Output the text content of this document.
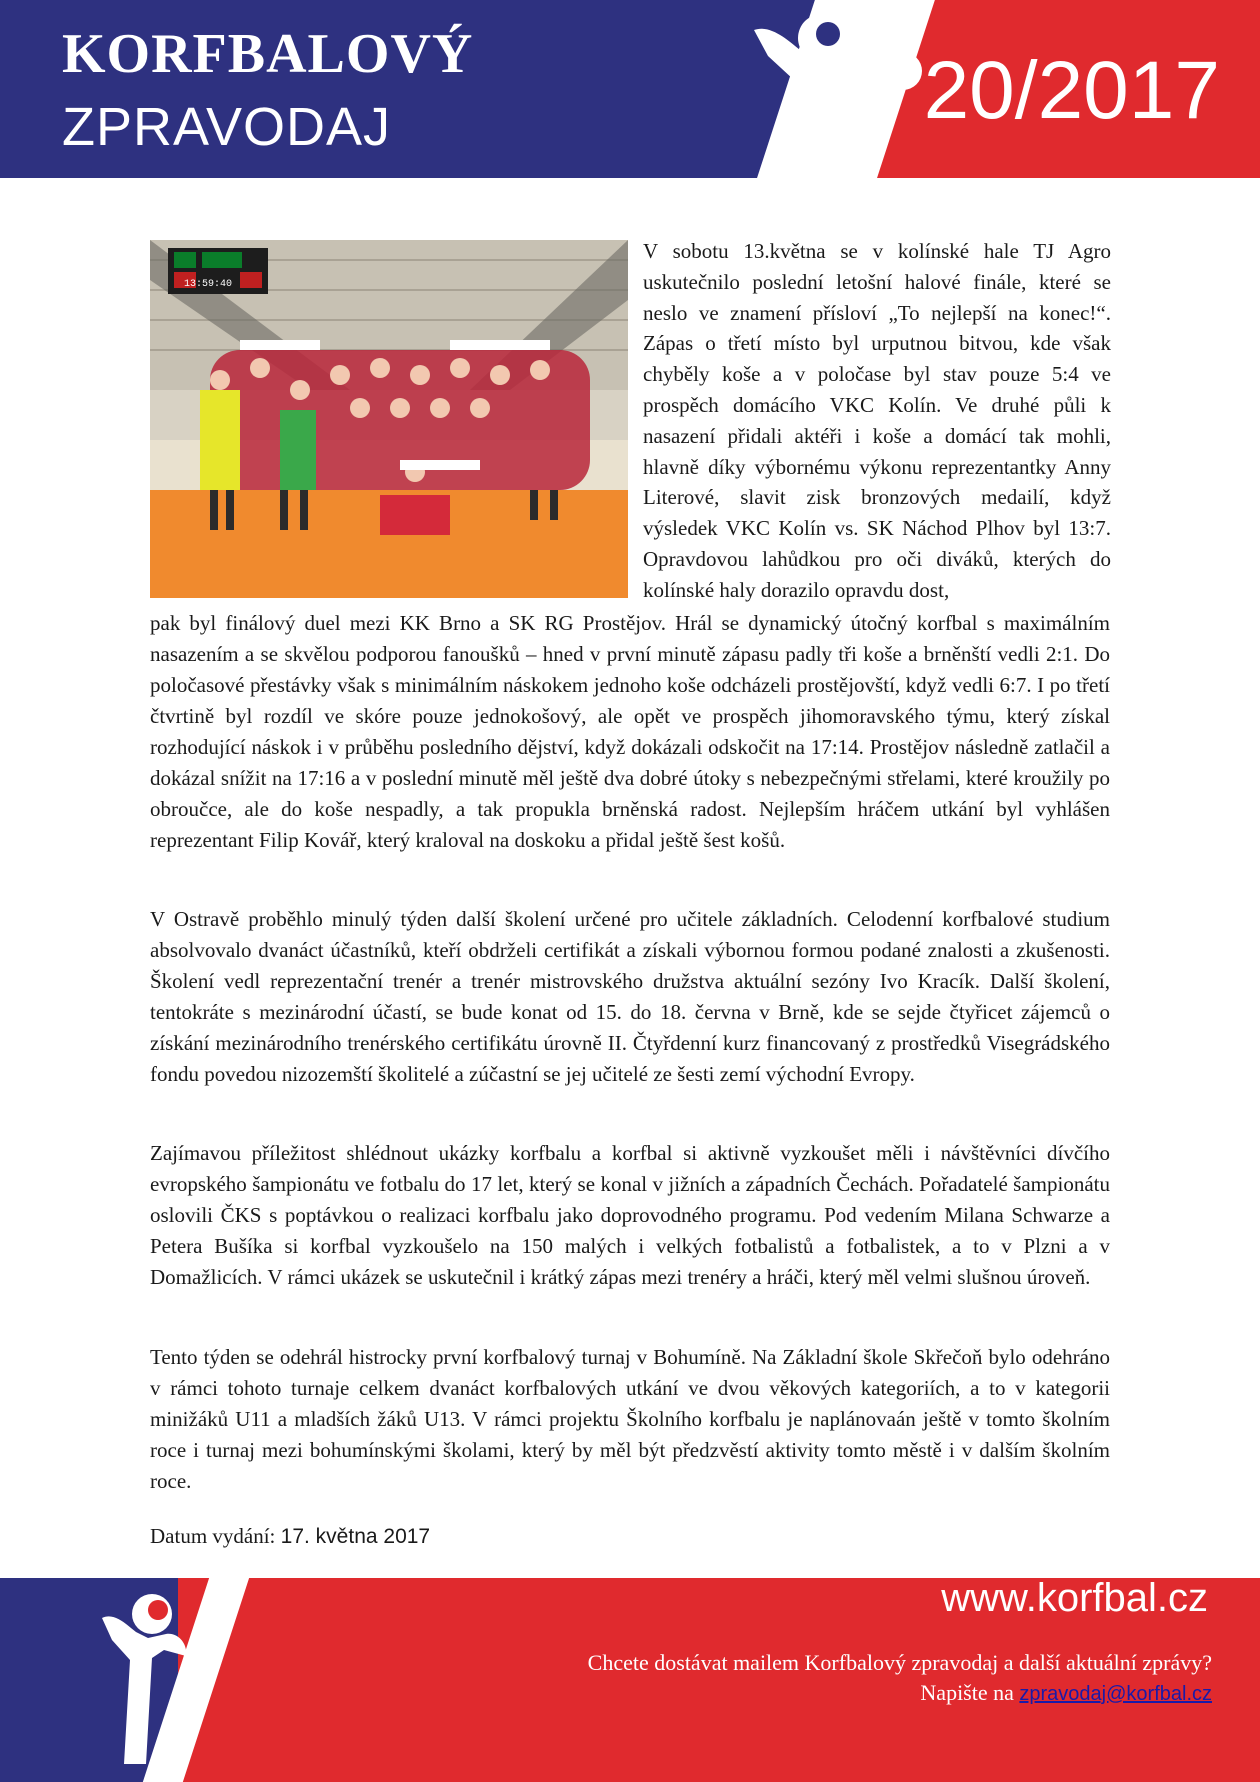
KORFBALOVÝ
ZPRAVODAJ	20/2017
13:59:40
V sobotu 13.května se v kolínské hale TJ Agro uskutečnilo poslední letošní halové finále, které se neslo ve znamení přísloví „To nejlepší na konec!“. Zápas o třetí místo byl urputnou bitvou, kde však chyběly koše a v poločase byl stav pouze 5:4 ve prospěch domácího VKC Kolín. Ve druhé půli k nasazení přidali aktéři i koše a domácí tak mohli, hlavně díky výbornému výkonu reprezentantky Anny Literové, slavit zisk bronzových medailí, když výsledek VKC Kolín vs. SK Náchod Plhov byl 13:7. Opravdovou lahůdkou pro oči diváků, kterých do kolínské haly dorazilo opravdu dost,
pak byl finálový duel mezi KK Brno a SK RG Prostějov. Hrál se dynamický útočný korfbal s maximálním nasazením a se skvělou podporou fanoušků – hned v první minutě zápasu padly tři koše a brněnští vedli 2:1. Do poločasové přestávky však s minimálním náskokem jednoho koše odcházeli prostějovští, když vedli 6:7. I po třetí čtvrtině byl rozdíl ve skóre pouze jednokošový, ale opět ve prospěch jihomoravského týmu, který získal rozhodující náskok i v průběhu posledního dějství, když dokázali odskočit na 17:14. Prostějov následně zatlačil a dokázal snížit na 17:16 a v poslední minutě měl ještě dva dobré útoky s nebezpečnými střelami, které kroužily po obroučce, ale do koše nespadly, a tak propukla brněnská radost. Nejlepším hráčem utkání byl vyhlášen reprezentant Filip Kovář, který kraloval na doskoku a přidal ještě šest košů.
V Ostravě proběhlo minulý týden další školení určené pro učitele základních. Celodenní korfbalové studium absolvovalo dvanáct účastníků, kteří obdrželi certifikát a získali výbornou formou podané znalosti a zkušenosti. Školení vedl reprezentační trenér a trenér mistrovského družstva aktuální sezóny Ivo Kracík. Další školení, tentokráte s mezinárodní účastí, se bude konat od 15. do 18. června v Brně, kde se sejde čtyřicet zájemců o získání mezinárodního trenérského certifikátu úrovně II. Čtyřdenní kurz financovaný z prostředků Visegrádského fondu povedou nizozemští školitelé a zúčastní se jej učitelé ze šesti zemí východní Evropy.
Zajímavou příležitost shlédnout ukázky korfbalu a korfbal si aktivně vyzkoušet měli i návštěvníci dívčího evropského šampionátu ve fotbalu do 17 let, který se konal v jižních a západních Čechách. Pořadatelé šampionátu oslovili ČKS s poptávkou o realizaci korfbalu jako doprovodného programu. Pod vedením Milana Schwarze a Petera Bušíka si korfbal vyzkoušelo na 150 malých i velkých fotbalistů a fotbalistek, a to v Plzni a v Domažlicích. V rámci ukázek se uskutečnil i krátký zápas mezi trenéry a hráči, který měl velmi slušnou úroveň.
Tento týden se odehrál histrocky první korfbalový turnaj v Bohumíně. Na Základní škole Skřečoň bylo odehráno v rámci tohoto turnaje celkem dvanáct korfbalových utkání ve dvou věkových kategoriích, a to v kategorii minižáků U11 a mladších žáků U13. V rámci projektu Školního korfbalu je naplánovaán ještě v tomto školním roce i turnaj mezi bohumínskými školami, který by měl být předzvěstí aktivity tomto městě i v dalším školním roce.
Datum vydání: 17. května 2017
www.korfbal.cz
Chcete dostávat mailem Korfbalový zpravodaj a další aktuální zprávy?
Napište na zpravodaj@korfbal.cz
